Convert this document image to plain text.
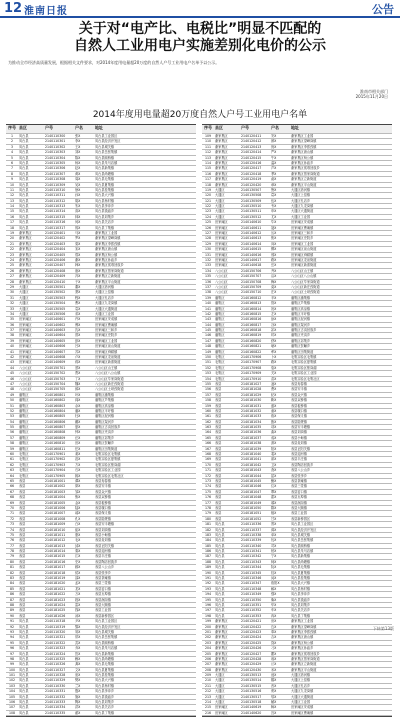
12 淮南日报	公告
关于对“电产比、电税比”明显不匹配的
自然人工业用电户实施差别化电价的公示
为推动全市经济高质量发展，根据相关文件要求，对2014年度用电量超20万度的自然人户号工业用电户名单予以公示。
淮南市相关部门
2015年11月20日
2014年度用电量超20万度自然人户号工业用电户名单
序号 县区	户号	户名	地址
1	凤台县	2140110300	张X	凤台县工业园区
2	凤台县	2140110301	李X	凤台县经济开发区
3	凤台县	2140110302	王X	凤台县城关镇
4	凤台县	2140110303	刘X	凤台县岳张集镇
5	凤台县	2140110304	陈X	凤台县顾桥镇
6	凤台县	2140110305	杨X	凤台县朱马店镇
7	凤台县	2140110306	赵X	凤台县新集镇
8	凤台县	2140110307	黄X	凤台县尚塘镇
9	凤台县	2140110308	周X	凤台县毛集镇
10	凤台县	2140110309	吴X	凤台县夏集镇
11	凤台县	2140110310	徐X	凤台县桂集镇
12	凤台县	2140110311	孙X	凤台县大兴镇
13	凤台县	2140110312	胡X	凤台县杨村镇
14	凤台县	2140110313	朱X	凤台县李冲乡
15	凤台县	2140110314	高X	凤台县钱庙乡
16	凤台县	2140110315	林X	凤台县刘集乡
17	凤台县	2140110316	何X	凤台县关店乡
18	凤台县	2140110317	郭X	凤台县丁集镇
19	谢家集区	2140120401	马X	谢家集区工业园
20	谢家集区	2140120402	罗X	谢家集区望峰岗镇
21	谢家集区	2140120403	梁X	谢家集区李郢孜镇
22	谢家集区	2140120404	宋X	谢家集区唐山镇
23	谢家集区	2140120405	郑X	谢家集区杨公镇
24	谢家集区	2140120406	谢X	谢家集区孙庙乡
25	谢家集区	2140120407	韩X	谢家集区孤堆回族乡
26	谢家集区	2140120408	唐X	谢家集区蔡家岗街道
27	谢家集区	2140120409	冯X	谢家集区立新街道
28	谢家集区	2140120410	于X	谢家集区平山街道
29	大通区	2140130501	董X	大通区洛河镇
30	大通区	2140130502	萧X	大通区上窑镇
31	大通区	2140130503	程X	大通区孔店乡
32	大通区	2140130504	曹X	大通区九龙岗镇
33	大通区	2140130505	袁X	大通区大通街道
34	大通区	2140130506	邓X	大通区工业园
35	田家庵区	2140140601	许X	田家庵区安成镇
36	田家庵区	2140140602	傅X	田家庵区曹庵镇
37	田家庵区	2140140603	沈X	田家庵区三和乡
38	田家庵区	2140140604	曾X	田家庵区史院乡
39	田家庵区	2140140605	彭X	田家庵区工业园
40	田家庵区	2140140606	吕X	田家庵区泉山街道
41	田家庵区	2140140607	苏X	田家庵区舜耕镇
42	田家庵区	2140140608	卢X	田家庵区龙泉街道
43	田家庵区	2140140609	蒋X	田家庵区新淮街道
44	八公山区	2140150701	蔡X	八公山区山王镇
45	八公山区	2140150702	贾X	八公山区八公山镇
46	八公山区	2140150703	丁X	八公山区毕家岗街道
47	八公山区	2140150704	魏X	八公山区新庄孜街道
48	八公山区	2140150705	薛X	八公山区土坝孜街道
49	潘集区	2140160801	叶X	潘集区潘集镇
50	潘集区	2140160802	阎X	潘集区芦集镇
51	潘集区	2140160803	余X	潘集区高皇镇
52	潘集区	2140160804	潘X	潘集区平圩镇
53	潘集区	2140160805	杜X	潘集区泥河镇
54	潘集区	2140160806	戴X	潘集区架河乡
55	潘集区	2140160807	夏X	潘集区古沟回族乡
56	潘集区	2140160808	钟X	潘集区夹沟乡
57	潘集区	2140160809	汪X	潘集区祁集乡
58	潘集区	2140160810	田X	潘集区贺疃乡
59	潘集区	2140160811	任X	潘集区田集街道
60	毛集区	2140170901	姜X	毛集实验区毛集镇
61	毛集区	2140170902	范X	毛集实验区夏集镇
62	毛集区	2140170903	方X	毛集实验区焦岗湖
63	毛集区	2140170904	石X	毛集实验区工业园
64	毛集区	2140170905	姚X	毛集实验区毛集社区
65	寿县	2140181001	谭X	寿县寿春镇
66	寿县	2140181002	廖X	寿县安丰镇
67	寿县	2140181003	邹X	寿县众兴镇
68	寿县	2140181004	熊X	寿县双桥镇
69	寿县	2140181005	金X	寿县板桥镇
70	寿县	2140181006	陆X	寿县堰口镇
71	寿县	2140181007	郝X	寿县保义镇
72	寿县	2140181008	孔X	寿县隐贤镇
73	寿县	2140181009	白X	寿县安丰塘镇
74	寿县	2140181010	崔X	寿县刘岗镇
75	寿县	2140181011	康X	寿县小甸镇
76	寿县	2140181012	毛X	寿县炎刘镇
77	寿县	2140181013	邱X	寿县正阳关镇
78	寿县	2140181014	秦X	寿县迎河镇
79	寿县	2140181015	江X	寿县丰庄镇
80	寿县	2140181016	史X	寿县陶店回族乡
81	寿县	2140181017	顾X	寿县八公山乡
82	寿县	2140181018	侯X	寿县张李乡
83	寿县	2140181019	邵X	寿县茶庵镇
84	寿县	2140181020	孟X	寿县三觉镇
85	寿县	2140181021	龙X	寿县窑口镇
86	寿县	2140181022	万X	寿县瓦埠镇
87	寿县	2140181023	段X	寿县涧沟镇
88	寿县	2140181024	雷X	寿县大顺镇
89	寿县	2140181025	钱X	寿县工业园
90	寿县	2140181026	汤X	寿县新桥园区
91	凤台县	2140110318	尹X	凤台县工业园区
92	凤台县	2140110319	黎X	凤台县经济开发区
93	凤台县	2140110320	易X	凤台县城关镇
94	凤台县	2140110321	常X	凤台县岳张集镇
95	凤台县	2140110322	武X	凤台县顾桥镇
96	凤台县	2140110323	乔X	凤台县朱马店镇
97	凤台县	2140110324	贺X	凤台县新集镇
98	凤台县	2140110325	赖X	凤台县尚塘镇
99	凤台县	2140110326	龚X	凤台县毛集镇
100	凤台县	2140110327	文X	凤台县夏集镇
101	凤台县	2140110328	庞X	凤台县桂集镇
102	凤台县	2140110329	樊X	凤台县大兴镇
103	凤台县	2140110330	兰X	凤台县杨村镇
104	凤台县	2140110331	殷X	凤台县李冲乡
105	凤台县	2140110332	施X	凤台县钱庙乡
106	凤台县	2140110333	陶X	凤台县刘集乡
107	凤台县	2140110334	洪X	凤台县关店乡
108	凤台县	2140110335	翟X	凤台县丁集镇
序号 县区	户号	户名	地址
109	谢家集区	2140120411	安X	谢家集区工业园
110	谢家集区	2140120412	颜X	谢家集区望峰岗镇
111	谢家集区	2140120413	倪X	谢家集区李郢孜镇
112	谢家集区	2140120414	严X	谢家集区唐山镇
113	谢家集区	2140120415	牛X	谢家集区杨公镇
114	谢家集区	2140120416	温X	谢家集区孙庙乡
115	谢家集区	2140120417	芦X	谢家集区孤堆回族乡
116	谢家集区	2140120418	季X	谢家集区蔡家岗街道
117	谢家集区	2140120419	俞X	谢家集区立新街道
118	谢家集区	2140120420	章X	谢家集区平山街道
119	大通区	2140130507	鲁X	大通区洛河镇
120	大通区	2140130508	葛X	大通区上窑镇
121	大通区	2140130509	伍X	大通区孔店乡
122	大通区	2140130510	韦X	大通区九龙岗镇
123	大通区	2140130511	申X	大通区大通街道
124	大通区	2140130512	尤X	大通区工业园
125	田家庵区	2140140610	毕X	田家庵区安成镇
126	田家庵区	2140140611	聂X	田家庵区曹庵镇
127	田家庵区	2140140612	丛X	田家庵区三和乡
128	田家庵区	2140140613	焦X	田家庵区史院乡
129	田家庵区	2140140614	向X	田家庵区工业园
130	田家庵区	2140140615	柳X	田家庵区泉山街道
131	田家庵区	2140140616	邢X	田家庵区舜耕镇
132	田家庵区	2140140617	路X	田家庵区龙泉街道
133	田家庵区	2140140618	岳X	田家庵区新淮街道
134	八公山区	2140150706	齐X	八公山区山王镇
135	八公山区	2140150707	沿X	八公山区八公山镇
136	八公山区	2140150708	梅X	八公山区毕家岗街道
137	八公山区	2140150709	莫X	八公山区新庄孜街道
138	八公山区	2140150710	庄X	八公山区土坝孜街道
139	潘集区	2140160812	辛X	潘集区潘集镇
140	潘集区	2140160813	管X	潘集区芦集镇
141	潘集区	2140160814	祝X	潘集区高皇镇
142	潘集区	2140160815	左X	潘集区平圩镇
143	潘集区	2140160816	涂X	潘集区泥河镇
144	潘集区	2140160817	谷X	潘集区架河乡
145	潘集区	2140160818	祁X	潘集区古沟回族乡
146	潘集区	2140160819	时X	潘集区夹沟乡
147	潘集区	2140160820	舒X	潘集区祁集乡
148	潘集区	2140160821	耿X	潘集区贺疃乡
149	潘集区	2140160822	牟X	潘集区田集街道
150	毛集区	2140170906	卜X	毛集实验区毛集镇
151	毛集区	2140170907	路X	毛集实验区夏集镇
152	毛集区	2140170908	詹X	毛集实验区焦岗湖
153	毛集区	2140170909	关X	毛集实验区工业园
154	毛集区	2140170910	苗X	毛集实验区毛集社区
155	寿县	2140181027	凌X	寿县寿春镇
156	寿县	2140181028	费X	寿县安丰镇
157	寿县	2140181029	纪X	寿县众兴镇
158	寿县	2140181030	靳X	寿县双桥镇
159	寿县	2140181031	盛X	寿县板桥镇
160	寿县	2140181032	童X	寿县堰口镇
161	寿县	2140181033	欧X	寿县保义镇
162	寿县	2140181034	甄X	寿县隐贤镇
163	寿县	2140181035	项X	寿县安丰塘镇
164	寿县	2140181036	曲X	寿县刘岗镇
165	寿县	2140181037	成X	寿县小甸镇
166	寿县	2140181038	游X	寿县炎刘镇
167	寿县	2140181039	阳X	寿县正阳关镇
168	寿县	2140181040	裴X	寿县迎河镇
169	寿县	2140181041	席X	寿县丰庄镇
170	寿县	2140181042	卫X	寿县陶店回族乡
171	寿县	2140181043	查X	寿县八公山乡
172	寿县	2140181044	屈X	寿县张李乡
173	寿县	2140181045	鲍X	寿县茶庵镇
174	寿县	2140181046	位X	寿县三觉镇
175	寿县	2140181047	覃X	寿县窑口镇
176	寿县	2140181048	霍X	寿县瓦埠镇
177	寿县	2140181049	翁X	寿县涧沟镇
178	寿县	2140181050	隋X	寿县大顺镇
179	寿县	2140181051	植X	寿县工业园
180	寿县	2140181052	甘X	寿县新桥园区
181	凤台县	2140110336	景X	凤台县工业园区
182	凤台县	2140110337	薄X	凤台县经济开发区
183	凤台县	2140110338	单X	凤台县城关镇
184	凤台县	2140110339	包X	凤台县岳张集镇
185	凤台县	2140110340	司X	凤台县顾桥镇
186	凤台县	2140110341	柏X	凤台县朱马店镇
187	凤台县	2140110342	宁X	凤台县新集镇
188	凤台县	2140110343	柯X	凤台县尚塘镇
189	凤台县	2140110344	阮X	凤台县毛集镇
190	凤台县	2140110345	桂X	凤台县夏集镇
191	凤台县	2140110346	闵X	凤台县桂集镇
192	凤台县	2140110347	欧阳X	凤台县大兴镇
193	凤台县	2140110348	解X	凤台县杨村镇
194	凤台县	2140110349	强X	凤台县李冲乡
195	凤台县	2140110350	柴X	凤台县钱庙乡
196	凤台县	2140110351	华X	凤台县刘集乡
197	凤台县	2140110352	车X	凤台县关店乡
198	凤台县	2140110353	冉X	凤台县丁集镇
199	谢家集区	2140120421	房X	谢家集区工业园
200	谢家集区	2140120422	边X	谢家集区望峰岗镇
201	谢家集区	2140120423	辜X	谢家集区李郢孜镇
202	谢家集区	2140120424	吉X	谢家集区唐山镇
203	谢家集区	2140120425	饶X	谢家集区杨公镇
204	谢家集区	2140120426	刁X	谢家集区孙庙乡
205	谢家集区	2140120427	瞿X	谢家集区孤堆回族乡
206	谢家集区	2140120428	戚X	谢家集区蔡家岗街道
207	谢家集区	2140120429	丘X	谢家集区立新街道
208	谢家集区	2140120430	米X	谢家集区平山街道
209	大通区	2140130513	池X	大通区洛河镇
210	大通区	2140130514	滕X	大通区上窑镇
211	大通区	2140130515	晋X	大通区孔店乡
212	大通区	2140130516	苑X	大通区九龙岗镇
213	大通区	2140130517	邬X	大通区大通街道
214	大通区	2140130518	臧X	大通区工业园
215	田家庵区	2140140619	畅X	田家庵区安成镇
216	田家庵区	2140140620	宫X	田家庵区曹庵镇
下转第13版
